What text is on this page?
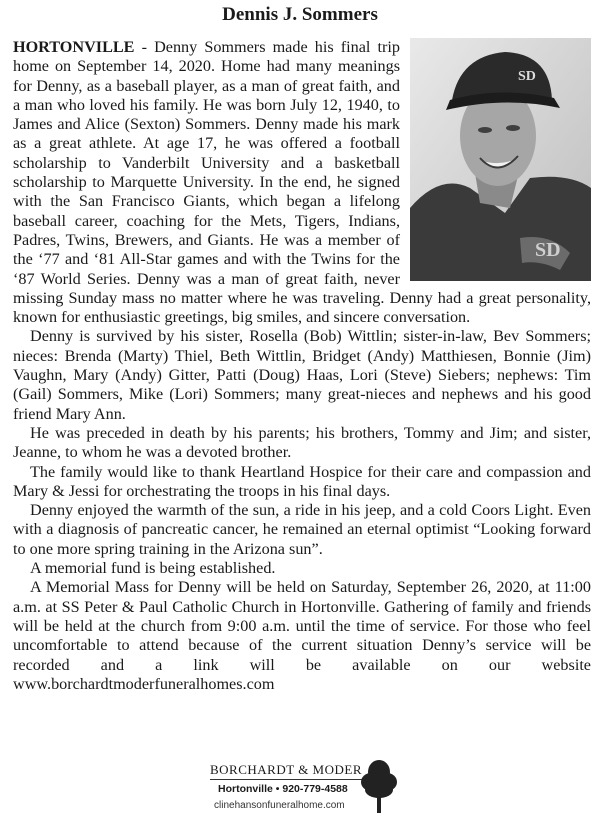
Dennis J. Sommers
SD
SD

HORTONVILLE - Denny Sommers made his final trip home on September 14, 2020. Home had many meanings for Denny, as a baseball player, as a man of great faith, and a man who loved his family. He was born July 12, 1940, to James and Alice (Sexton) Sommers. Denny made his mark as a great athlete. At age 17, he was offered a football scholarship to Vanderbilt University and a basketball scholarship to Marquette University. In the end, he signed with the San Francisco Giants, which began a lifelong baseball career, coaching for the Mets, Tigers, Indians, Padres, Twins, Brewers, and Giants. He was a member of the ‘77 and ‘81 All-Star games and with the Twins for the ‘87 World Series. Denny was a man of great faith, never missing Sunday mass no matter where he was traveling. Denny had a great personality, known for enthusiastic greetings, big smiles, and sincere conversation.

Denny is survived by his sister, Rosella (Bob) Wittlin; sister-in-law, Bev Sommers; nieces: Brenda (Marty) Thiel, Beth Wittlin, Bridget (Andy) Matthiesen, Bonnie (Jim) Vaughn, Mary (Andy) Gitter, Patti (Doug) Haas, Lori (Steve) Siebers; nephews: Tim (Gail) Sommers, Mike (Lori) Sommers; many great-nieces and nephews and his good friend Mary Ann.

He was preceded in death by his parents; his brothers, Tommy and Jim; and sister, Jeanne, to whom he was a devoted brother.

The family would like to thank Heartland Hospice for their care and compassion and Mary & Jessi for orchestrating the troops in his final days.

Denny enjoyed the warmth of the sun, a ride in his jeep, and a cold Coors Light. Even with a diagnosis of pancreatic cancer, he remained an eternal optimist “Looking forward to one more spring training in the Arizona sun”.

A memorial fund is being established.

A Memorial Mass for Denny will be held on Saturday, September 26, 2020, at 11:00 a.m. at SS Peter & Paul Catholic Church in Hortonville. Gathering of family and friends will be held at the church from 9:00 a.m. until the time of service. For those who feel uncomfortable to attend because of the current situation Denny’s service will be recorded and a link will be available on our website www.borchardtmoderfuneralhomes.com

BORCHARDT & MODER
Hortonville • 920-779-4588
clinehansonfuneralhome.com
